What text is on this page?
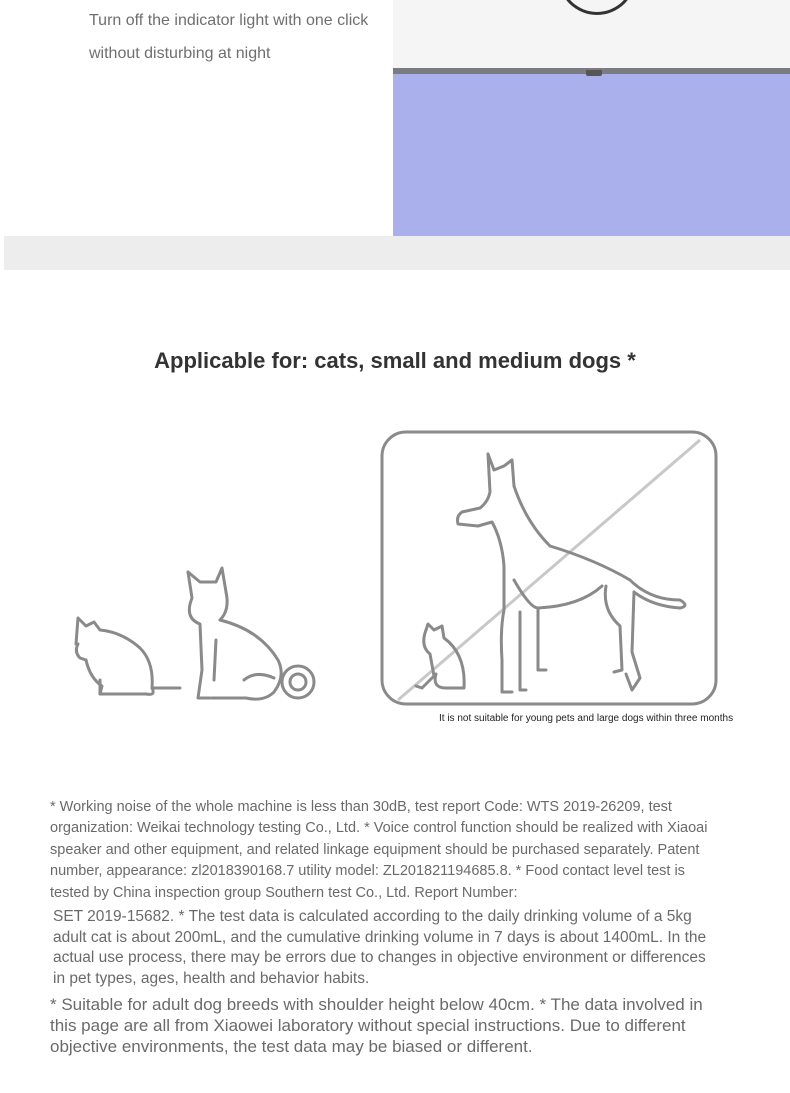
Turn off the indicator light with one click without disturbing at night

Applicable for: cats, small and medium dogs *

It is not suitable for young pets and large dogs within three months

* Working noise of the whole machine is less than 30dB, test report Code: WTS 2019-26209, test organization: Weikai technology testing Co., Ltd. * Voice control function should be realized with Xiaoai speaker and other equipment, and related linkage equipment should be purchased separately. Patent number, appearance: zl2018390168.7 utility model: ZL201821194685.8. * Food contact level test is tested by China inspection group Southern test Co., Ltd. Report Number:

SET 2019-15682. * The test data is calculated according to the daily drinking volume of a 5kg adult cat is about 200mL, and the cumulative drinking volume in 7 days is about 1400mL. In the actual use process, there may be errors due to changes in objective environment or differences in pet types, ages, health and behavior habits.

* Suitable for adult dog breeds with shoulder height below 40cm. * The data involved in this page are all from Xiaowei laboratory without special instructions. Due to different objective environments, the test data may be biased or different.
